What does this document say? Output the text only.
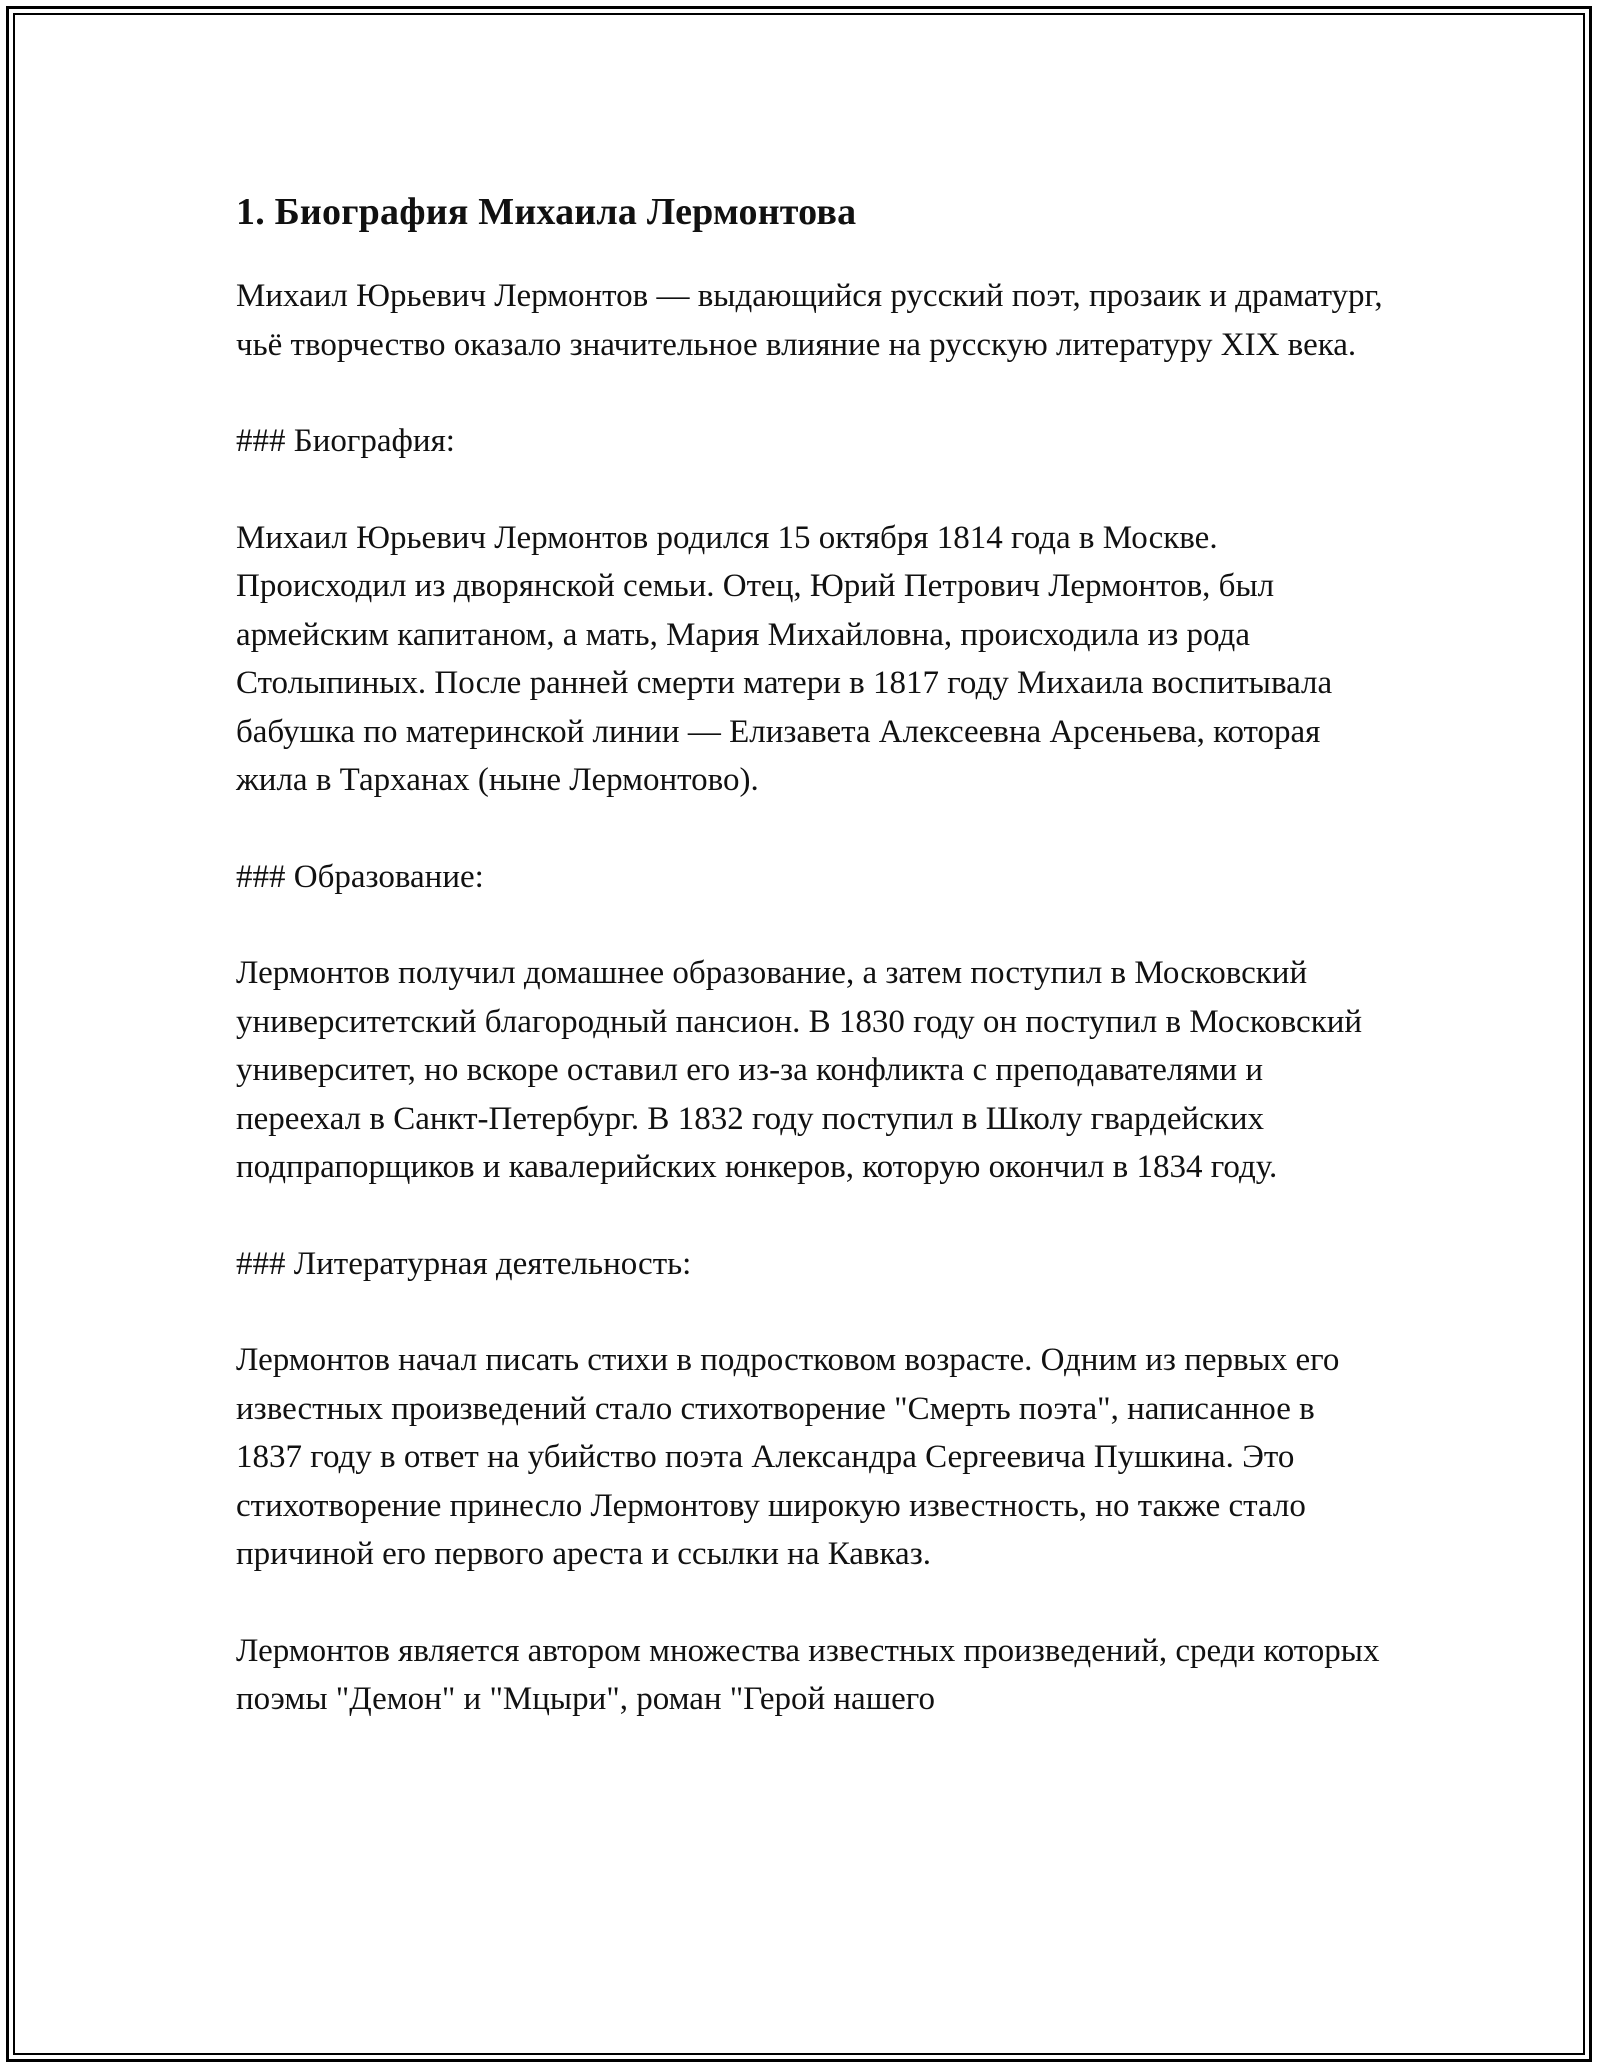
1. Биография Михаила Лермонтова

Михаил Юрьевич Лермонтов — выдающийся русский поэт, прозаик и драматург, чьё творчество оказало значительное влияние на русскую литературу XIX века.

### Биография:

Михаил Юрьевич Лермонтов родился 15 октября 1814 года в Москве. Происходил из дворянской семьи. Отец, Юрий Петрович Лермонтов, был армейским капитаном, а мать, Мария Михайловна, происходила из рода Столыпиных. После ранней смерти матери в 1817 году Михаила воспитывала бабушка по материнской линии — Елизавета Алексеевна Арсеньева, которая жила в Тарханах (ныне Лермонтово).

### Образование:

Лермонтов получил домашнее образование, а затем поступил в Московский университетский благородный пансион. В 1830 году он поступил в Московский университет, но вскоре оставил его из-за конфликта с преподавателями и переехал в Санкт-Петербург. В 1832 году поступил в Школу гвардейских подпрапорщиков и кавалерийских юнкеров, которую окончил в 1834 году.

### Литературная деятельность:

Лермонтов начал писать стихи в подростковом возрасте. Одним из первых его известных произведений стало стихотворение "Смерть поэта", написанное в 1837 году в ответ на убийство поэта Александра Сергеевича Пушкина. Это стихотворение принесло Лермонтову широкую известность, но также стало причиной его первого ареста и ссылки на Кавказ.

Лермонтов является автором множества известных произведений, среди которых поэмы "Демон" и "Мцыри", роман "Герой нашего
